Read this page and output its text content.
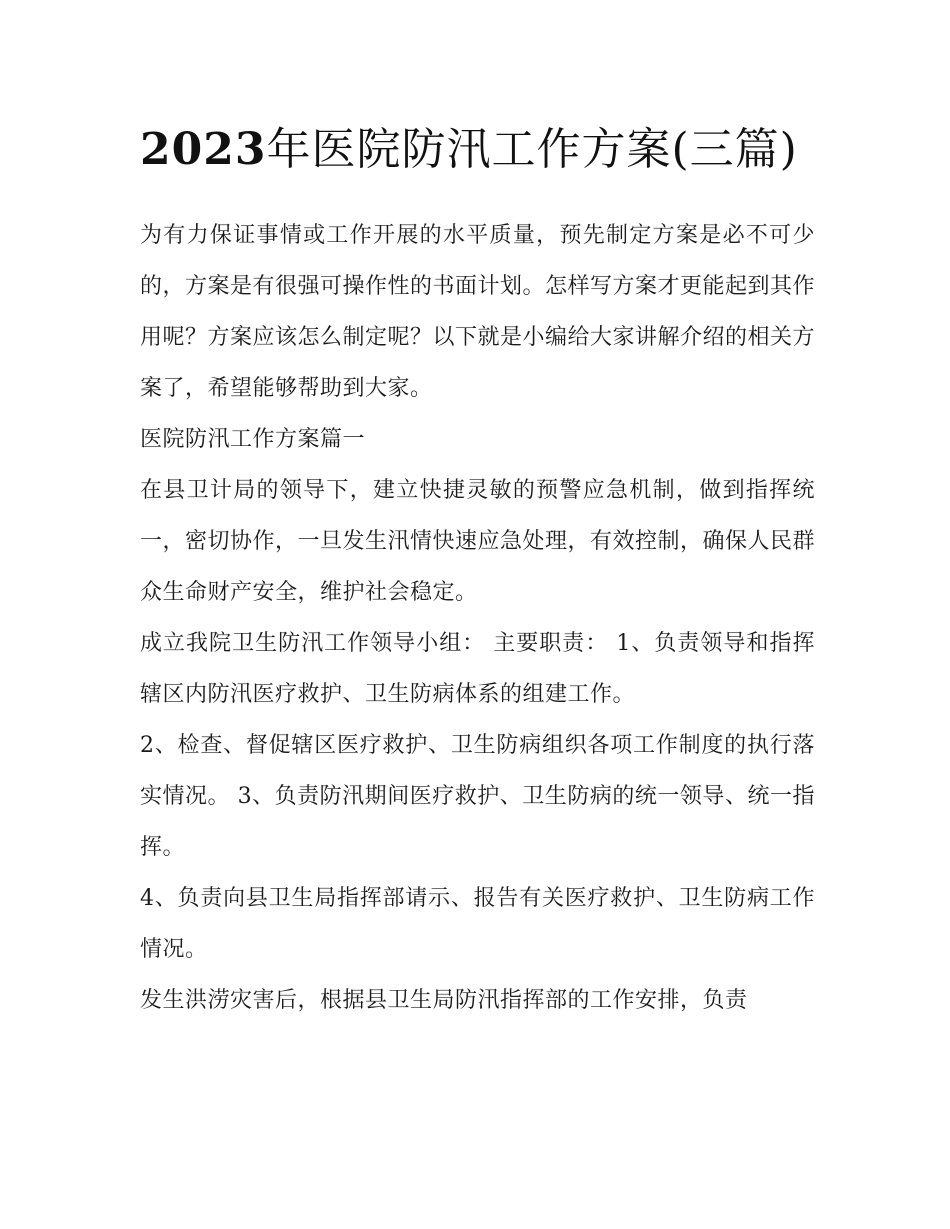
2023年医院防汛工作方案(三篇)

为有力保证事情或工作开展的水平质量，预先制定方案是必不可少的，方案是有很强可操作性的书面计划。怎样写方案才更能起到其作用呢？方案应该怎么制定呢？以下就是小编给大家讲解介绍的相关方案了，希望能够帮助到大家。

医院防汛工作方案篇一

在县卫计局的领导下，建立快捷灵敏的预警应急机制，做到指挥统一，密切协作，一旦发生汛情快速应急处理，有效控制，确保人民群众生命财产安全，维护社会稳定。

成立我院卫生防汛工作领导小组： 主要职责： 1、负责领导和指挥辖区内防汛医疗救护、卫生防病体系的组建工作。

2、检查、督促辖区医疗救护、卫生防病组织各项工作制度的执行落实情况。 3、负责防汛期间医疗救护、卫生防病的统一领导、统一指挥。

4、负责向县卫生局指挥部请示、报告有关医疗救护、卫生防病工作情况。

发生洪涝灾害后，根据县卫生局防汛指挥部的工作安排，负责
